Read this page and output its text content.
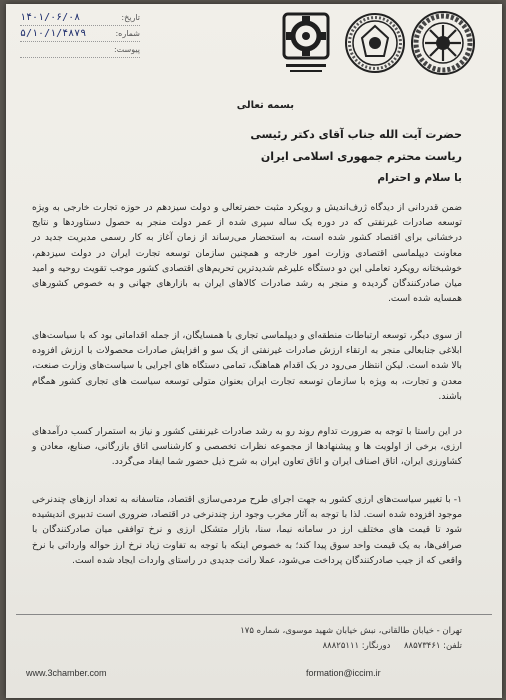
تاریخ:
۱۴۰۱/۰۶/۰۸
شماره:
۵/۱۰/۱/۴۸۷۹
پیوست:
بسمه تعالی
حضرت آیت الله جناب آقای دکتر رئیسی
ریاست محترم جمهوری اسلامی ایران
با سلام و احترام

ضمن قدردانی از دیدگاه ژرف‌اندیش و رویکرد مثبت حضرتعالی و دولت سیزدهم در حوزه تجارت خارجی به ویژه توسعه صادرات غیرنفتی که در دوره یک ساله سپری شده از عمر دولت منجر به حصول دستاوردها و نتایج درخشانی برای اقتصاد کشور شده است، به استحضار می‌رساند از زمان آغاز به کار رسمی مدیریت جدید در معاونت دیپلماسی اقتصادی وزارت امور خارجه و همچنین سازمان توسعه تجارت ایران در دولت سیزدهم، خوشبختانه رویکرد تعاملی این دو دستگاه علیرغم شدیدترین تحریم‌های اقتصادی کشور موجب تقویت روحیه و امید میان صادرکنندگان گردیده و منجر به رشد صادرات کالاهای ایران به بازارهای جهانی و به خصوص کشورهای همسایه شده است.

از سوی دیگر، توسعه ارتباطات منطقه‌ای و دیپلماسی تجاری با همسایگان، از جمله اقداماتی بود که با سیاست‌های ابلاغی جنابعالی منجر به ارتقاء ارزش صادرات غیرنفتی از یک سو و افزایش صادرات محصولات با ارزش افزوده بالا شده است. لیکن انتظار می‌رود در یک اقدام هماهنگ، تمامی دستگاه های اجرایی با سیاست‌های وزارت صنعت، معدن و تجارت، به ویژه با سازمان توسعه تجارت ایران بعنوان متولی توسعه سیاست های تجاری کشور همگام باشند.

در این راستا با توجه به ضرورت تداوم روند رو به رشد صادرات غیرنفتی کشور و نیاز به استمرار کسب درآمدهای ارزی، برخی از اولویت ها و پیشنهادها از مجموعه نظرات تخصصی و کارشناسی اتاق بازرگانی، صنایع، معادن و کشاورزی ایران، اتاق اصناف ایران و اتاق تعاون ایران به شرح ذیل حضور شما ایفاد می‌گردد.

۱- با تغییر سیاست‌های ارزی کشور به جهت اجرای طرح مردمی‌سازی اقتصاد، متاسفانه به تعداد ارزهای چندنرخی موجود افزوده شده است. لذا با توجه به آثار مخرب وجود ارز چندنرخی در اقتصاد، ضروری است تدبیری اندیشیده شود تا قیمت های مختلف ارز در سامانه نیما، سنا، بازار متشکل ارزی و نرخ توافقی میان صادرکنندگان با صرافی‌ها، به یک قیمت واحد سوق پیدا کند؛ به خصوص اینکه با توجه به تفاوت زیاد نرخ ارز حواله وارداتی با نرخ واقعی که از جیب صادرکنندگان پرداخت می‌شود، عملا رانت جدیدی در راستای واردات ایجاد شده است.

تهران - خیابان طالقانی، نبش خیابان شهید موسوی، شماره ۱۷۵
تلفن: ۸۸۵۷۳۴۶۱     دورنگار: ۸۸۸۲۵۱۱۱
www.3chamber.com	formation@iccim.ir
